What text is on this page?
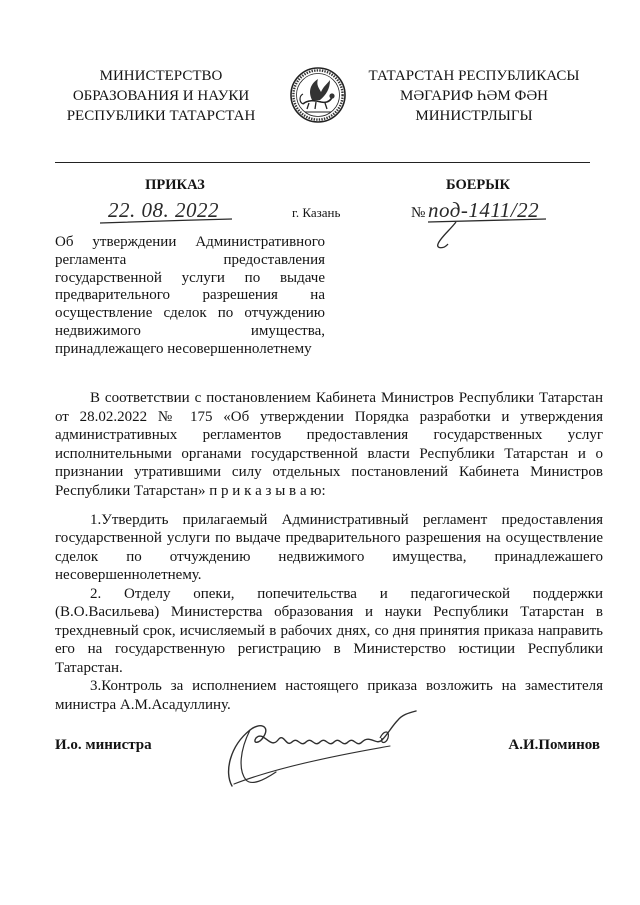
МИНИСТЕРСТВО
ОБРАЗОВАНИЯ И НАУКИ
РЕСПУБЛИКИ ТАТАРСТАН
ТАТАРСТАН РЕСПУБЛИКАСЫ
МӘГАРИФ ҺӘМ ФӘН
МИНИСТРЛЫГЫ
ПРИКАЗ	БОЕРЫК
22. 08. 2022	г. Казань	№ под-1411/22
Об утверждении Административного
регламента предоставления
государственной услуги по выдаче
предварительного разрешения на
осуществление сделок по отчуждению
недвижимого имущества,
принадлежащего несовершеннолетнему
В соответствии с постановлением Кабинета Министров Республики Татарстан
от 28.02.2022 № 175 «Об утверждении Порядка разработки и утверждения
административных регламентов предоставления государственных услуг
исполнительными органами государственной власти Республики Татарстан и о
признании утратившими силу отдельных постановлений Кабинета Министров
Республики Татарстан» п р и к а з ы в а ю:
1.Утвердить прилагаемый Административный регламент предоставления
государственной услуги по выдаче предварительного разрешения на осуществление
сделок по отчуждению недвижимого имущества, принадлежашего
несовершеннолетнему.
2. Отделу опеки, попечительства и педагогической поддержки
(В.О.Васильева) Министерства образования и науки Республики Татарстан в
трехдневный срок, исчисляемый в рабочих днях, со дня принятия приказа направить
его на государственную регистрацию в Министерство юстиции Республики
Татарстан.
3.Контроль за исполнением настоящего приказа возложить на заместителя
министра А.М.Асадуллину.
И.о. министра	А.И.Поминов
